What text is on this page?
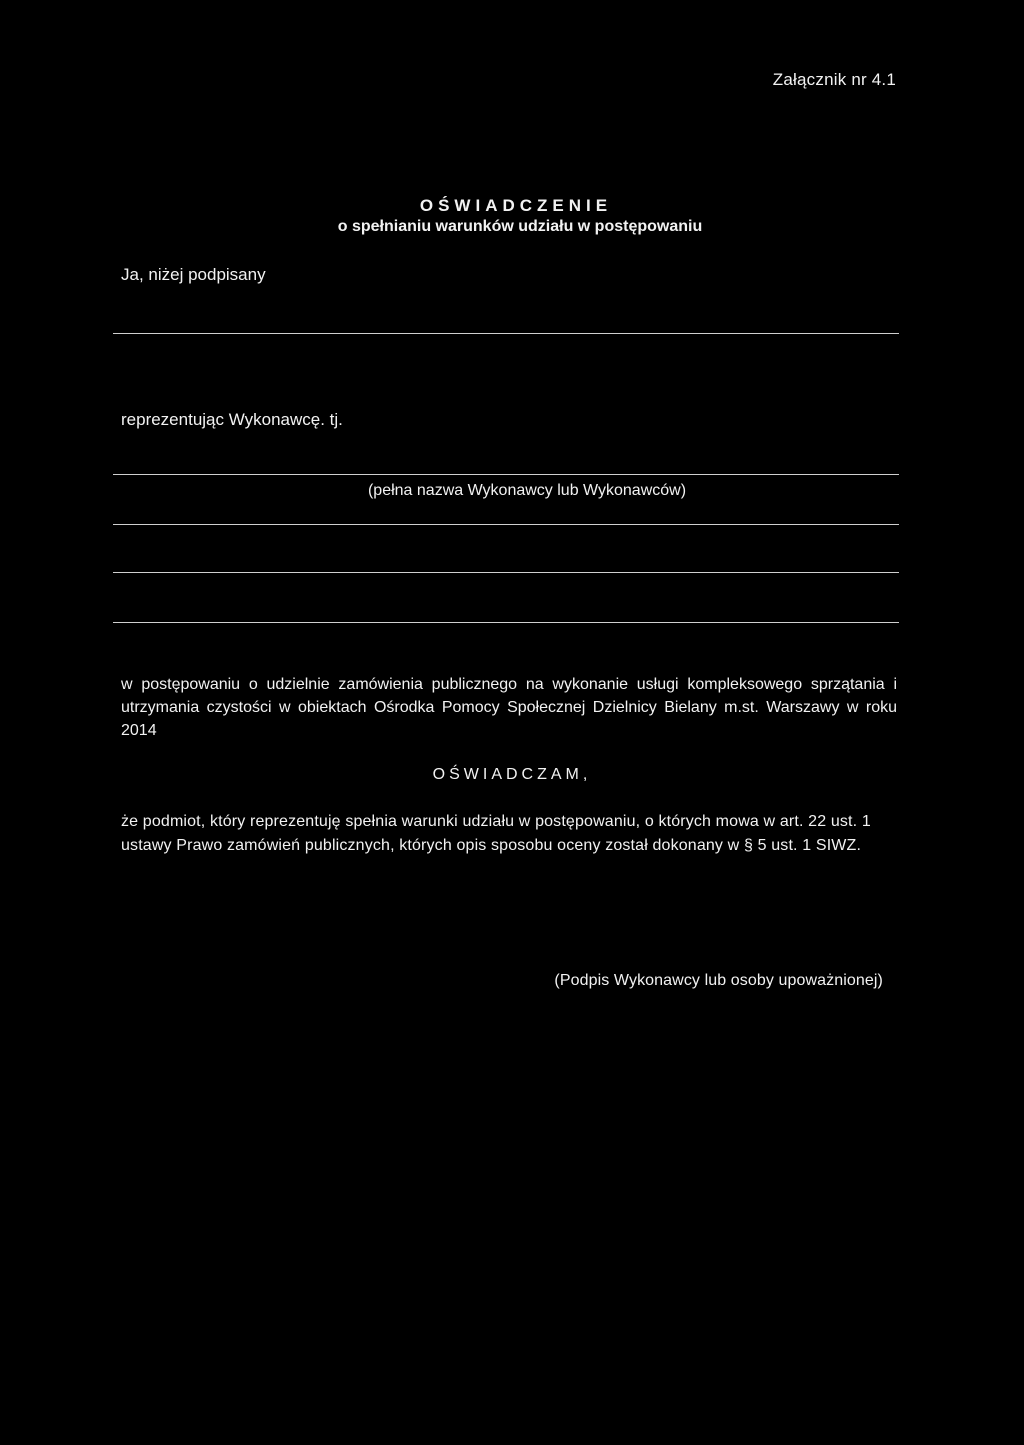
Załącznik nr 4.1
OŚWIADCZENIE
o spełnianiu warunków udziału w postępowaniu
Ja, niżej podpisany
reprezentując Wykonawcę. tj.
(pełna nazwa Wykonawcy lub Wykonawców)
w postępowaniu o udzielnie zamówienia publicznego na wykonanie usługi kompleksowego sprzątania i utrzymania czystości w obiektach Ośrodka Pomocy Społecznej Dzielnicy Bielany m.st. Warszawy w roku 2014
OŚWIADCZAM,
że podmiot, który reprezentuję spełnia warunki udziału w postępowaniu, o których mowa w art. 22 ust. 1 ustawy Prawo zamówień publicznych, których opis sposobu oceny został dokonany w § 5 ust. 1 SIWZ.
(Podpis Wykonawcy lub osoby upoważnionej)
